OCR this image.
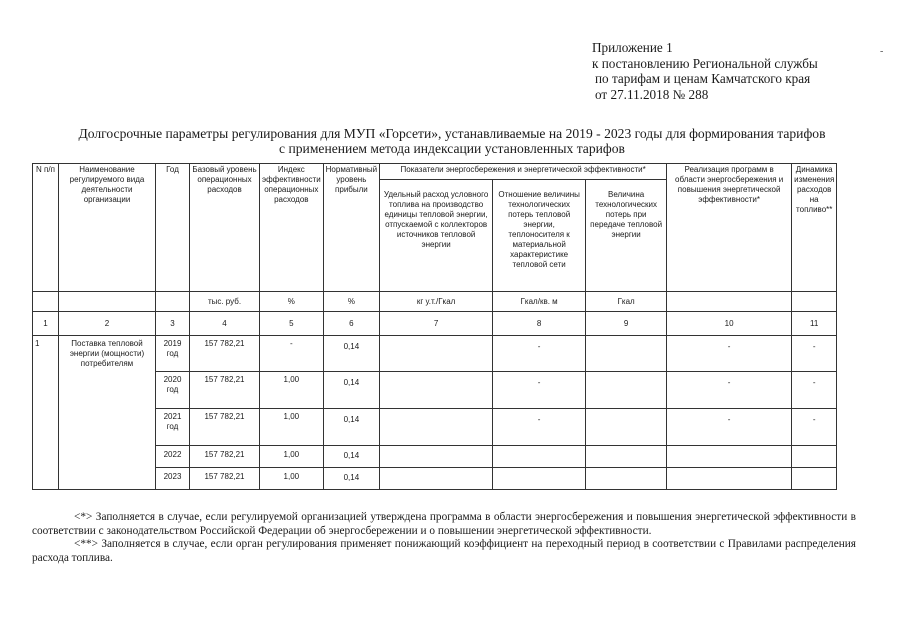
Приложение 1
к постановлению Региональной службы
по тарифам и ценам Камчатского края
от 27.11.2018 № 288
-
Долгосрочные параметры регулирования для МУП «Горсети», устанавливаемые на 2019 - 2023 годы для формирования тарифов
с применением метода индексации установленных тарифов
N п/п	Наименование регулируемого вида деятельности организации	Год	Базовый уровень операционных расходов	Индекс эффективности операционных расходов	Нормативный уровень прибыли	Показатели энергосбережения и энергетической эффективности*			Реализация программ в области энергосбережения и повышения энергетической эффективности*	Динамика изменения расходов на топливо**
						Удельный расход условного топлива на производство единицы тепловой энергии, отпускаемой с коллекторов источников тепловой энергии	Отношение величины технологических потерь тепловой энергии, теплоносителя к материальной характеристике тепловой сети	Величина технологических потерь при передаче тепловой энергии		
			тыс. руб.	%	%	кг у.т./Гкал	Гкал/кв. м	Гкал		
1	2	3	4	5	6	7	8	9	10	11
1	Поставка тепловой энергии (мощности) потребителям	2019 год	157 782,21	-	0,14		-		-	-
		2020 год	157 782,21	1,00	0,14		-		-	-
		2021 год	157 782,21	1,00	0,14		-		-	-
		2022	157 782,21	1,00	0,14					
		2023	157 782,21	1,00	0,14					

<*> Заполняется в случае, если регулируемой организацией утверждена программа в области энергосбережения и повышения энергетической эффективности в соответствии с законодательством Российской Федерации об энергосбережении и о повышении энергетической эффективности.

<**> Заполняется в случае, если орган регулирования применяет понижающий коэффициент на переходный период в соответствии с Правилами распределения расхода топлива.
